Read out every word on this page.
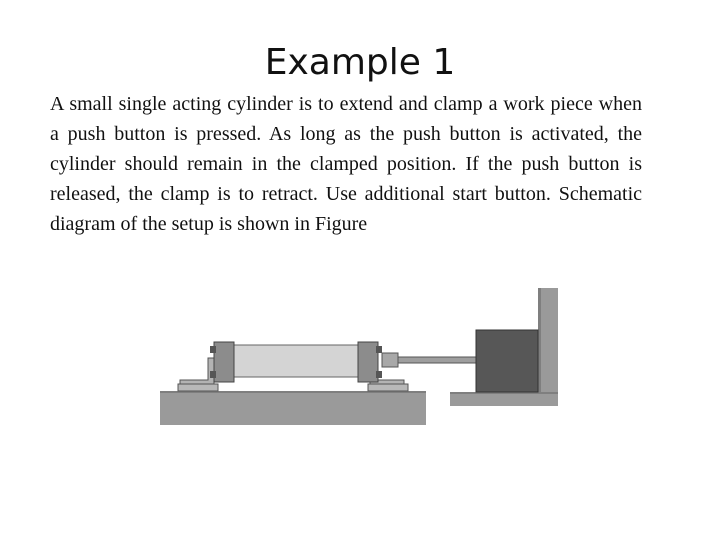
Example 1

A small single acting cylinder is to extend and clamp a work piece when a push button is pressed. As long as the push button is activated, the cylinder should remain in the clamped position. If the push button is released, the clamp is to retract. Use additional start button. Schematic diagram of the setup is shown in Figure
